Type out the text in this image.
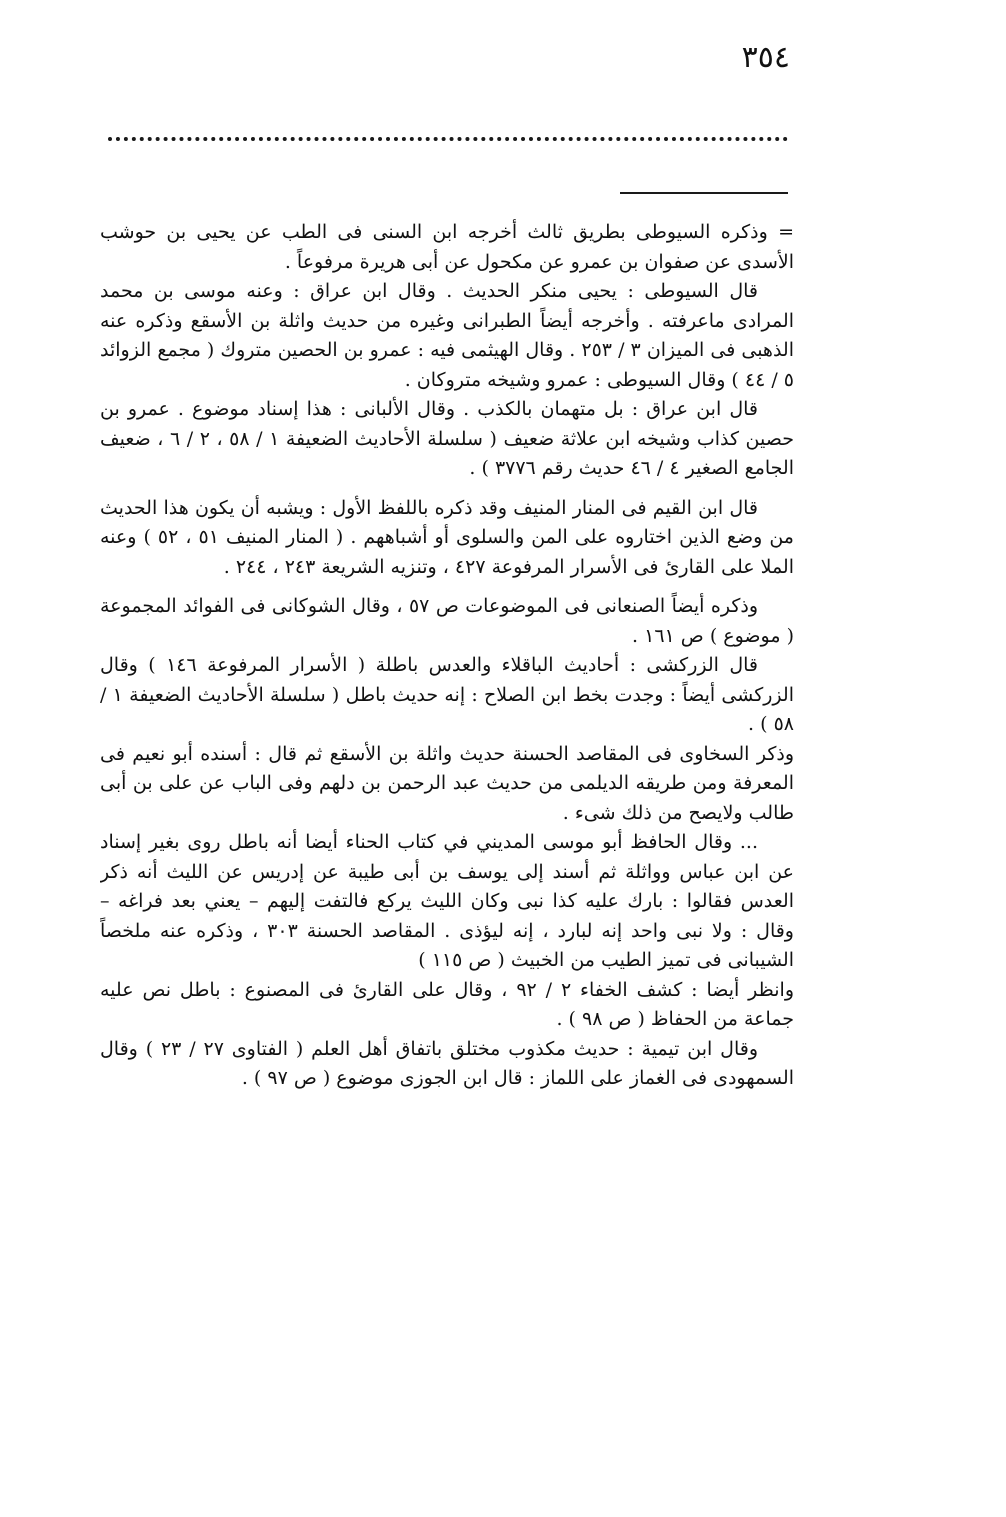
٣٥٤

= وذكره السيوطى بطريق ثالث أخرجه ابن السنى فى الطب عن يحيى بن حوشب الأسدى عن صفوان بن عمرو عن مكحول عن أبى هريرة مرفوعاً .

قال السيوطى : يحيى منكر الحديث . وقال ابن عراق : وعنه موسى بن محمد المرادى ماعرفته . وأخرجه أيضاً الطبرانى وغيره من حديث واثلة بن الأسقع وذكره عنه الذهبى فى الميزان ٣ / ٢٥٣ . وقال الهيثمى فيه : عمرو بن الحصين متروك ( مجمع الزوائد ٥ / ٤٤ ) وقال السيوطى : عمرو وشيخه متروكان .

قال ابن عراق : بل متهمان بالكذب . وقال الألبانى : هذا إسناد موضوع . عمرو بن حصين كذاب وشيخه ابن علاثة ضعيف ( سلسلة الأحاديث الضعيفة ١ / ٥٨ ، ٢ / ٦ ، ضعيف الجامع الصغير ٤ / ٤٦ حديث رقم ٣٧٧٦ ) .

قال ابن القيم فى المنار المنيف وقد ذكره باللفظ الأول : ويشبه أن يكون هذا الحديث من وضع الذين اختاروه على المن والسلوى أو أشباههم . ( المنار المنيف ٥١ ، ٥٢ ) وعنه الملا على القارئ فى الأسرار المرفوعة ٤٢٧ ، وتنزيه الشريعة ٢٤٣ ، ٢٤٤ .

وذكره أيضاً الصنعانى فى الموضوعات ص ٥٧ ، وقال الشوكانى فى الفوائد المجموعة ( موضوع ) ص ١٦١ .

قال الزركشى : أحاديث الباقلاء والعدس باطلة ( الأسرار المرفوعة ١٤٦ ) وقال الزركشى أيضاً : وجدت بخط ابن الصلاح : إنه حديث باطل ( سلسلة الأحاديث الضعيفة ١ / ٥٨ ) .

وذكر السخاوى فى المقاصد الحسنة حديث واثلة بن الأسقع ثم قال : أسنده أبو نعيم فى المعرفة ومن طريقه الديلمى من حديث عبد الرحمن بن دلهم وفى الباب عن على بن أبى طالب ولايصح من ذلك شىء .

... وقال الحافظ أبو موسى المديني في كتاب الحناء أيضا أنه باطل روى بغير إسناد عن ابن عباس وواثلة ثم أسند إلى يوسف بن أبى طيبة عن إدريس عن الليث أنه ذكر العدس فقالوا : بارك عليه كذا نبى وكان الليث يركع فالتفت إليهم – يعني بعد فراغه – وقال : ولا نبى واحد إنه لبارد ، إنه ليؤذى . المقاصد الحسنة ٣٠٣ ، وذكره عنه ملخصاً الشيبانى فى تميز الطيب من الخبيث ( ص ١١٥ )

وانظر أيضا : كشف الخفاء ٢ / ٩٢ ، وقال على القارئ فى المصنوع : باطل نص عليه جماعة من الحفاظ ( ص ٩٨ ) .

وقال ابن تيمية : حديث مكذوب مختلق باتفاق أهل العلم ( الفتاوى ٢٧ / ٢٣ ) وقال السمهودى فى الغماز على اللماز : قال ابن الجوزى موضوع ( ص ٩٧ ) .
